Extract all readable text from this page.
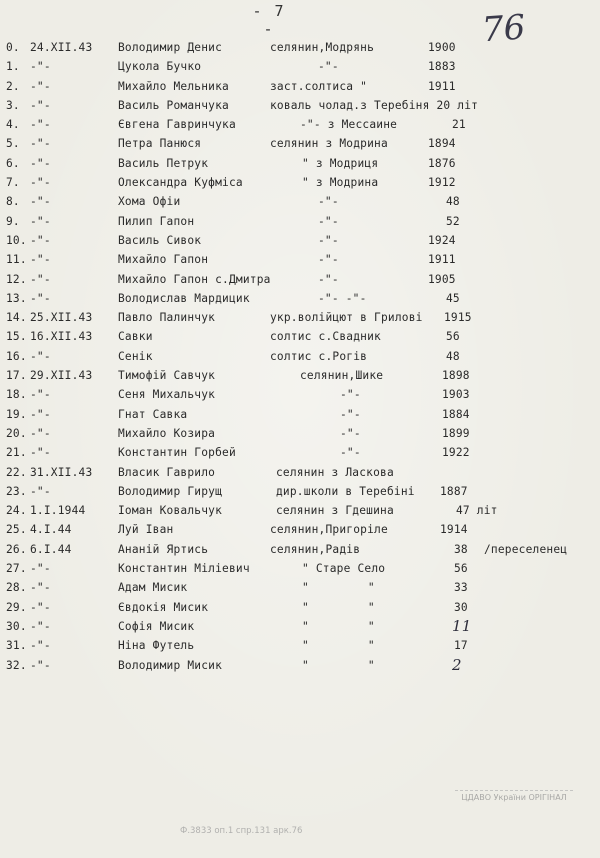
- 7 -	76
0. 24.XII.43	Володимир Денис	селянин,Модрянь	1900
1. -"-	Цукола Бучко	-"-	1883
2. -"-	Михайло Мельника	заст.солтиса "	1911
3. -"-	Василь Романчука	коваль чолад.з Теребіня 20 літ
4. -"-	Євгена Гавринчука	-"- з Мессаине	21
5. -"-	Петра Панюся	селянин з Модрина	1894
6. -"-	Василь Петрук	" з Модриця	1876
7. -"-	Олександра Куфміса	" з Модрина	1912
8. -"-	Хома Офіи	-"-	48
9. -"-	Пилип Гапон	-"-	52
10. -"-	Василь Сивок	-"-	1924
11. -"-	Михайло Гапон	-"-	1911
12. -"-	Михайло Гапон с.Дмитра	-"-	1905
13. -"-	Володислав Мардицик	-"- -"-	45
14. 25.XII.43	Павло Палинчук	укр.волійцют в Грилові	1915
15. 16.XII.43	Савки	солтис с.Свадник	56
16. -"-	Сенік	солтис с.Рогів	48
17. 29.XII.43	Тимофій Савчук	селянин,Шике	1898
18. -"-	Сеня Михальчук	-"-	1903
19. -"-	Гнат Савка	-"-	1884
20. -"-	Михайло Козира	-"-	1899
21. -"-	Константин Горбей	-"-	1922
22. 31.XII.43	Власик Гаврило	селянин з Ласкова
23. -"-	Володимир Гирущ	дир.школи в Теребіні	1887
24. 1.I.1944	Іоман Ковальчук	селянин з Гдешина	47 літ
25. 4.I.44	Луй Іван	селянин,Пригоріле	1914
26. 6.I.44	Ананій Яртись	селянин,Радів	38	/переселенец
27. -"-	Константин Міліевич	" Старе Село	56
28. -"-	Адам Мисик	" "	33
29. -"-	Євдокія Мисик	" "	30
30. -"-	Софія Мисик	" "	11
31. -"-	Ніна Футель	" "	17
32. -"-	Володимир Мисик	" "	2
ЦДАВО України ОРІГІНАЛ
Ф.3833 оп.1 спр.131 арк.76
